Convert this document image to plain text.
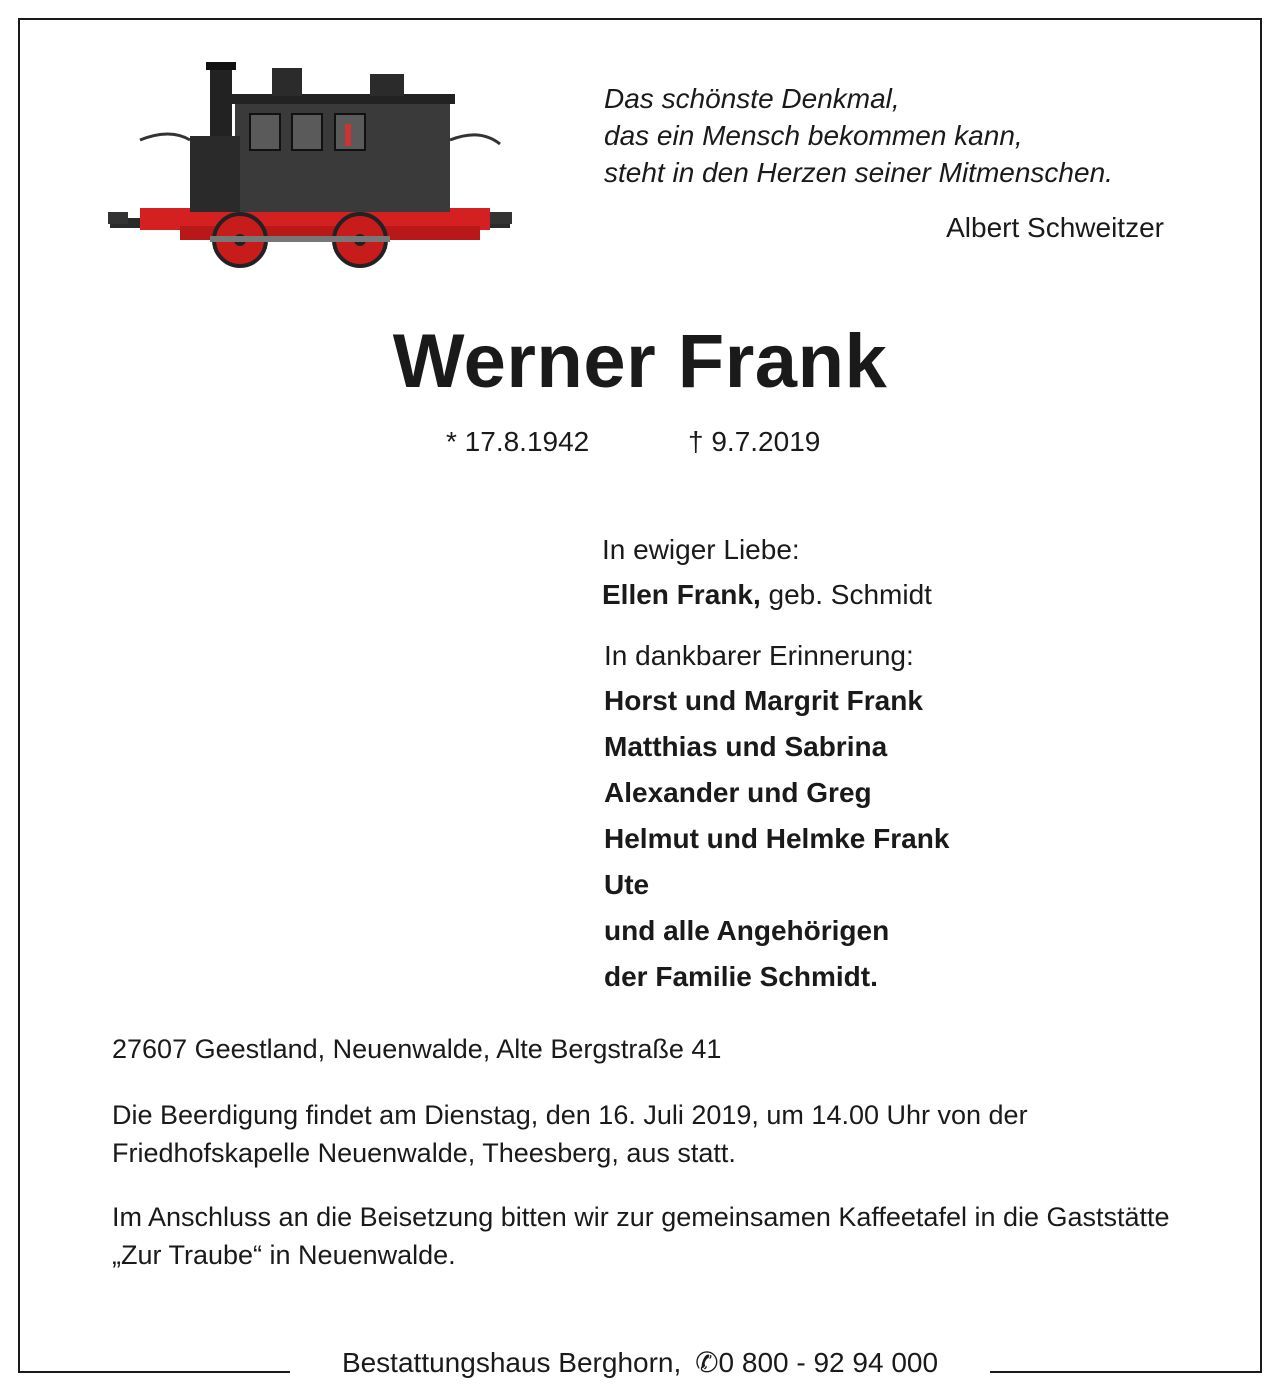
Das schönste Denkmal,
das ein Mensch bekommen kann,
steht in den Herzen seiner Mitmenschen.
Albert Schweitzer
Werner Frank
* 17.8.1942	† 9.7.2019
In ewiger Liebe:
Ellen Frank, geb. Schmidt
In dankbarer Erinnerung:
Horst und Margrit Frank
Matthias und Sabrina
Alexander und Greg
Helmut und Helmke Frank
Ute
und alle Angehörigen
der Familie Schmidt.
27607 Geestland, Neuenwalde, Alte Bergstraße 41
Die Beerdigung findet am Dienstag, den 16. Juli 2019, um 14.00 Uhr von der Friedhofskapelle Neuenwalde, Theesberg, aus statt.
Im Anschluss an die Beisetzung bitten wir zur gemeinsamen Kaffeetafel in die Gaststätte „Zur Traube“ in Neuenwalde.
Bestattungshaus Berghorn, ✆0 800 - 92 94 000
